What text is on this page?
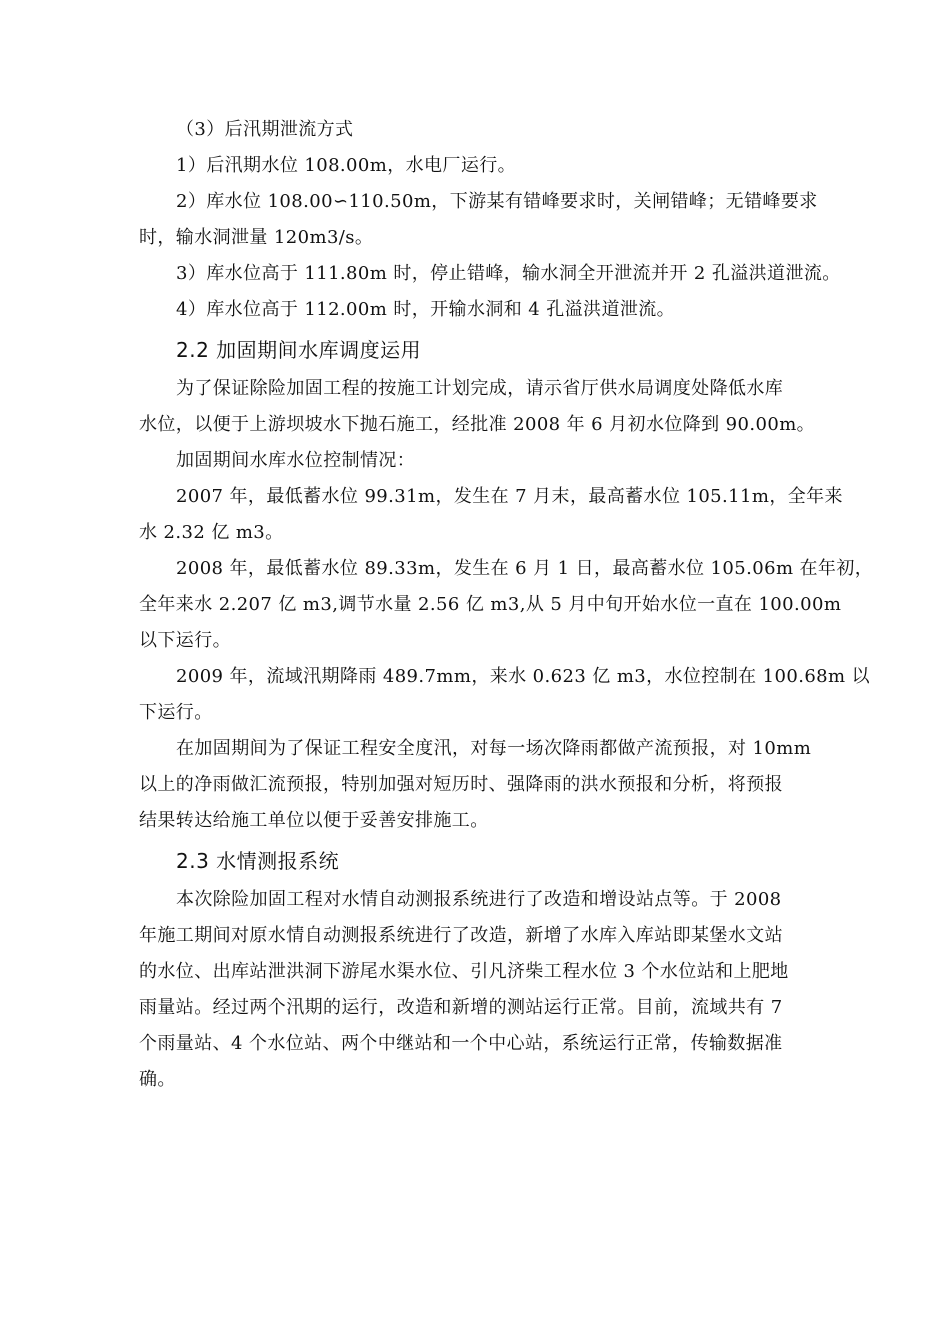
（3）后汛期泄流方式
1）后汛期水位 108.00m，水电厂运行。
2）库水位 108.00∽110.50m，下游某有错峰要求时，关闸错峰；无错峰要求
时，输水洞泄量 120m3/s。
3）库水位高于 111.80m 时，停止错峰，输水洞全开泄流并开 2 孔溢洪道泄流。
4）库水位高于 112.00m 时，开输水洞和 4 孔溢洪道泄流。
2.2 加固期间水库调度运用
为了保证除险加固工程的按施工计划完成，请示省厅供水局调度处降低水库
水位，以便于上游坝坡水下抛石施工，经批准 2008 年 6 月初水位降到 90.00m。
加固期间水库水位控制情况：
2007 年，最低蓄水位 99.31m，发生在 7 月末，最高蓄水位 105.11m，全年来
水 2.32 亿 m3。
2008 年，最低蓄水位 89.33m，发生在 6 月 1 日，最高蓄水位 105.06m 在年初，
全年来水 2.207 亿 m3,调节水量 2.56 亿 m3,从 5 月中旬开始水位一直在 100.00m
以下运行。
2009 年，流域汛期降雨 489.7mm，来水 0.623 亿 m3，水位控制在 100.68m 以
下运行。
在加固期间为了保证工程安全度汛，对每一场次降雨都做产流预报，对 10mm
以上的净雨做汇流预报，特别加强对短历时、强降雨的洪水预报和分析，将预报
结果转达给施工单位以便于妥善安排施工。
2.3 水情测报系统
本次除险加固工程对水情自动测报系统进行了改造和增设站点等。于 2008
年施工期间对原水情自动测报系统进行了改造，新增了水库入库站即某堡水文站
的水位、出库站泄洪洞下游尾水渠水位、引凡济柴工程水位 3 个水位站和上肥地
雨量站。经过两个汛期的运行，改造和新增的测站运行正常。目前，流域共有 7
个雨量站、4 个水位站、两个中继站和一个中心站，系统运行正常，传输数据准
确。
